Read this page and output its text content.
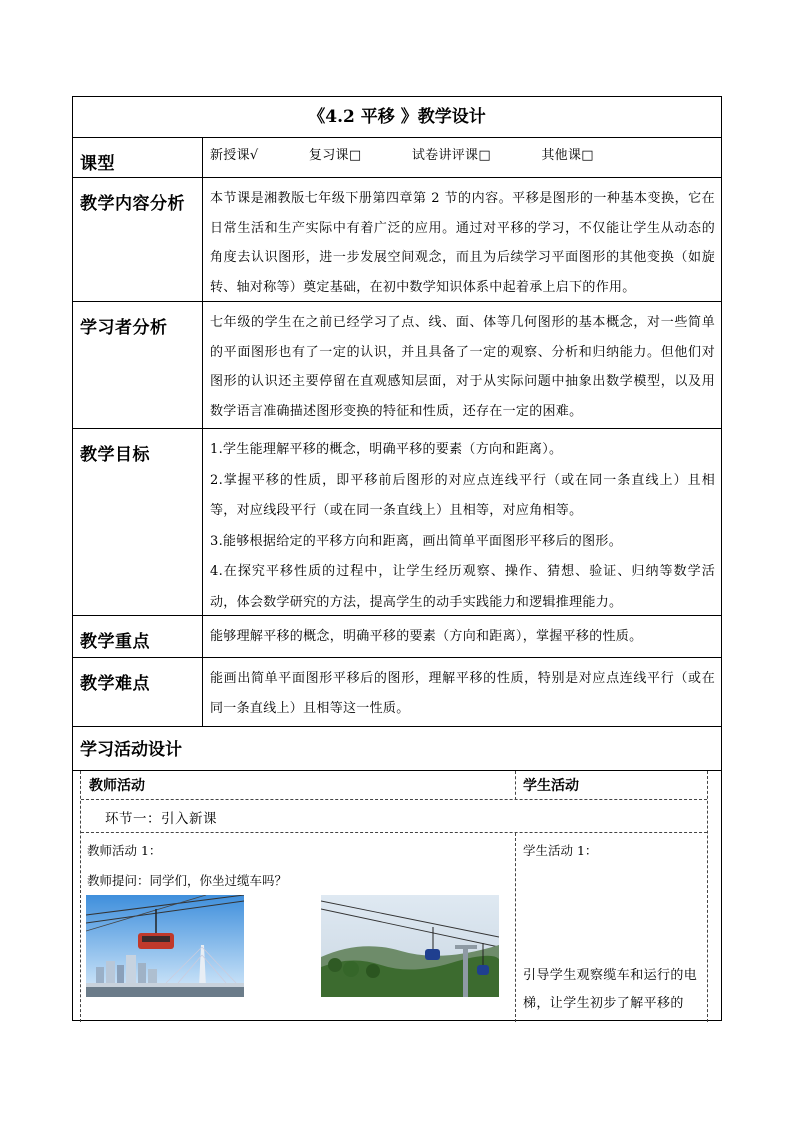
《4.2 平移 》教学设计
课型	新授课√	复习课□	试卷讲评课□	其他课□
教学内容分析	本节课是湘教版七年级下册第四章第 2 节的内容。平移是图形的一种基本变换，它在日常生活和生产实际中有着广泛的应用。通过对平移的学习，不仅能让学生从动态的角度去认识图形，进一步发展空间观念，而且为后续学习平面图形的其他变换（如旋转、轴对称等）奠定基础，在初中数学知识体系中起着承上启下的作用。

学习者分析	七年级的学生在之前已经学习了点、线、面、体等几何图形的基本概念，对一些简单的平面图形也有了一定的认识，并且具备了一定的观察、分析和归纳能力。但他们对图形的认识还主要停留在直观感知层面，对于从实际问题中抽象出数学模型，以及用数学语言准确描述图形变换的特征和性质，还存在一定的困难。

教学目标	1.学生能理解平移的概念，明确平移的要素（方向和距离）。

2.掌握平移的性质，即平移前后图形的对应点连线平行（或在同一条直线上）且相等，对应线段平行（或在同一条直线上）且相等，对应角相等。

3.能够根据给定的平移方向和距离，画出简单平面图形平移后的图形。

4.在探究平移性质的过程中，让学生经历观察、操作、猜想、验证、归纳等数学活动，体会数学研究的方法，提高学生的动手实践能力和逻辑推理能力。

教学重点	能够理解平移的概念，明确平移的要素（方向和距离），掌握平移的性质。

教学难点	能画出简单平面图形平移后的图形，理解平移的性质，特别是对应点连线平行（或在同一条直线上）且相等这一性质。

学习活动设计
教师活动	学生活动
环节一：引入新课
教师活动 1：
教师提问：同学们，你坐过缆车吗？
学生活动 1：
引导学生观察缆车和运行的电梯，让学生初步了解平移的
